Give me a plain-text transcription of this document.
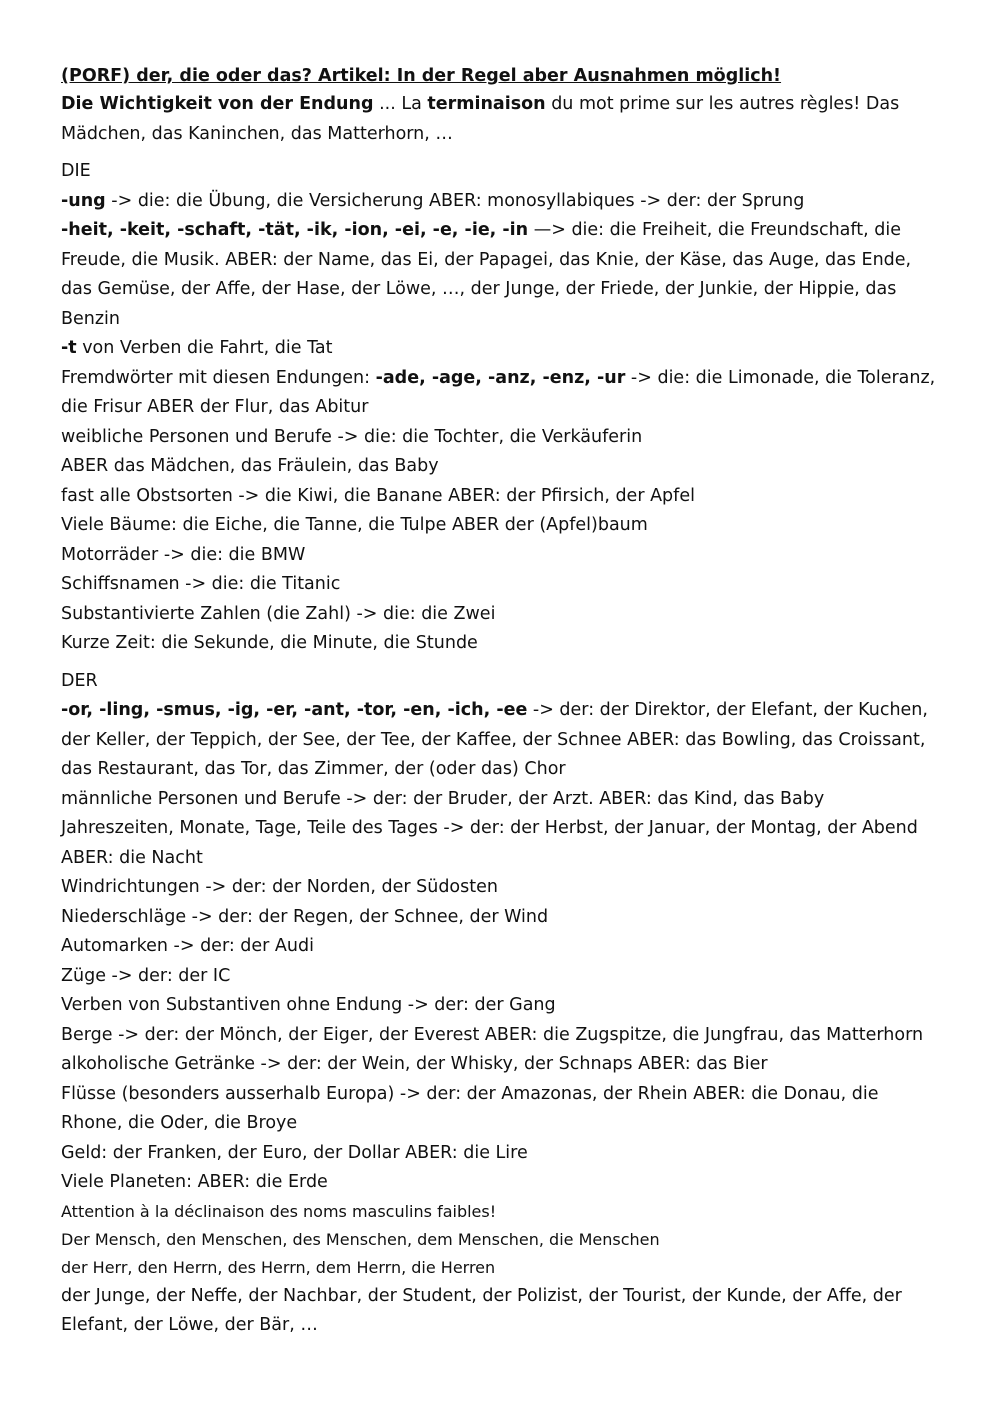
(PORF) der, die oder das? Artikel: In der Regel aber Ausnahmen möglich!
Die Wichtigkeit von der Endung ... La terminaison du mot prime sur les autres règles! Das Mädchen, das Kaninchen, das Matterhorn, …
DIE
-ung -> die: die Übung, die Versicherung ABER: monosyllabiques -> der: der Sprung
-heit, -keit, -schaft, -tät, -ik, -ion, -ei, -e, -ie, -in —> die: die Freiheit, die Freundschaft, die Freude, die Musik. ABER: der Name, das Ei, der Papagei, das Knie, der Käse, das Auge, das Ende, das Gemüse, der Affe, der Hase, der Löwe, …, der Junge, der Friede, der Junkie, der Hippie, das Benzin
-t von Verben die Fahrt, die Tat
Fremdwörter mit diesen Endungen: -ade, -age, -anz, -enz, -ur -> die: die Limonade, die Toleranz, die Frisur ABER der Flur, das Abitur
weibliche Personen und Berufe -> die: die Tochter, die Verkäuferin
ABER das Mädchen, das Fräulein, das Baby
fast alle Obstsorten -> die Kiwi, die Banane ABER: der Pfirsich, der Apfel
Viele Bäume: die Eiche, die Tanne, die Tulpe ABER der (Apfel)baum
Motorräder -> die: die BMW
Schiffsnamen -> die: die Titanic
Substantivierte Zahlen (die Zahl) -> die: die Zwei
Kurze Zeit: die Sekunde, die Minute, die Stunde
DER
-or, -ling, -smus, -ig, -er, -ant, -tor, -en, -ich, -ee -> der: der Direktor, der Elefant, der Kuchen, der Keller, der Teppich, der See, der Tee, der Kaffee, der Schnee ABER: das Bowling, das Croissant, das Restaurant, das Tor, das Zimmer, der (oder das) Chor
männliche Personen und Berufe -> der: der Bruder, der Arzt. ABER: das Kind, das Baby
Jahreszeiten, Monate, Tage, Teile des Tages -> der: der Herbst, der Januar, der Montag, der Abend ABER: die Nacht
Windrichtungen -> der: der Norden, der Südosten
Niederschläge -> der: der Regen, der Schnee, der Wind
Automarken -> der: der Audi
Züge -> der: der IC
Verben von Substantiven ohne Endung -> der: der Gang
Berge -> der: der Mönch, der Eiger, der Everest ABER: die Zugspitze, die Jungfrau, das Matterhorn
alkoholische Getränke -> der: der Wein, der Whisky, der Schnaps ABER: das Bier
Flüsse (besonders ausserhalb Europa) -> der: der Amazonas, der Rhein ABER: die Donau, die Rhone, die Oder, die Broye
Geld: der Franken, der Euro, der Dollar ABER: die Lire
Viele Planeten: ABER: die Erde
Attention à la déclinaison des noms masculins faibles!
Der Mensch, den Menschen, des Menschen, dem Menschen, die Menschen
der Herr, den Herrn, des Herrn, dem Herrn, die Herren
der Junge, der Neffe, der Nachbar, der Student, der Polizist, der Tourist, der Kunde, der Affe, der Elefant, der Löwe, der Bär, …
